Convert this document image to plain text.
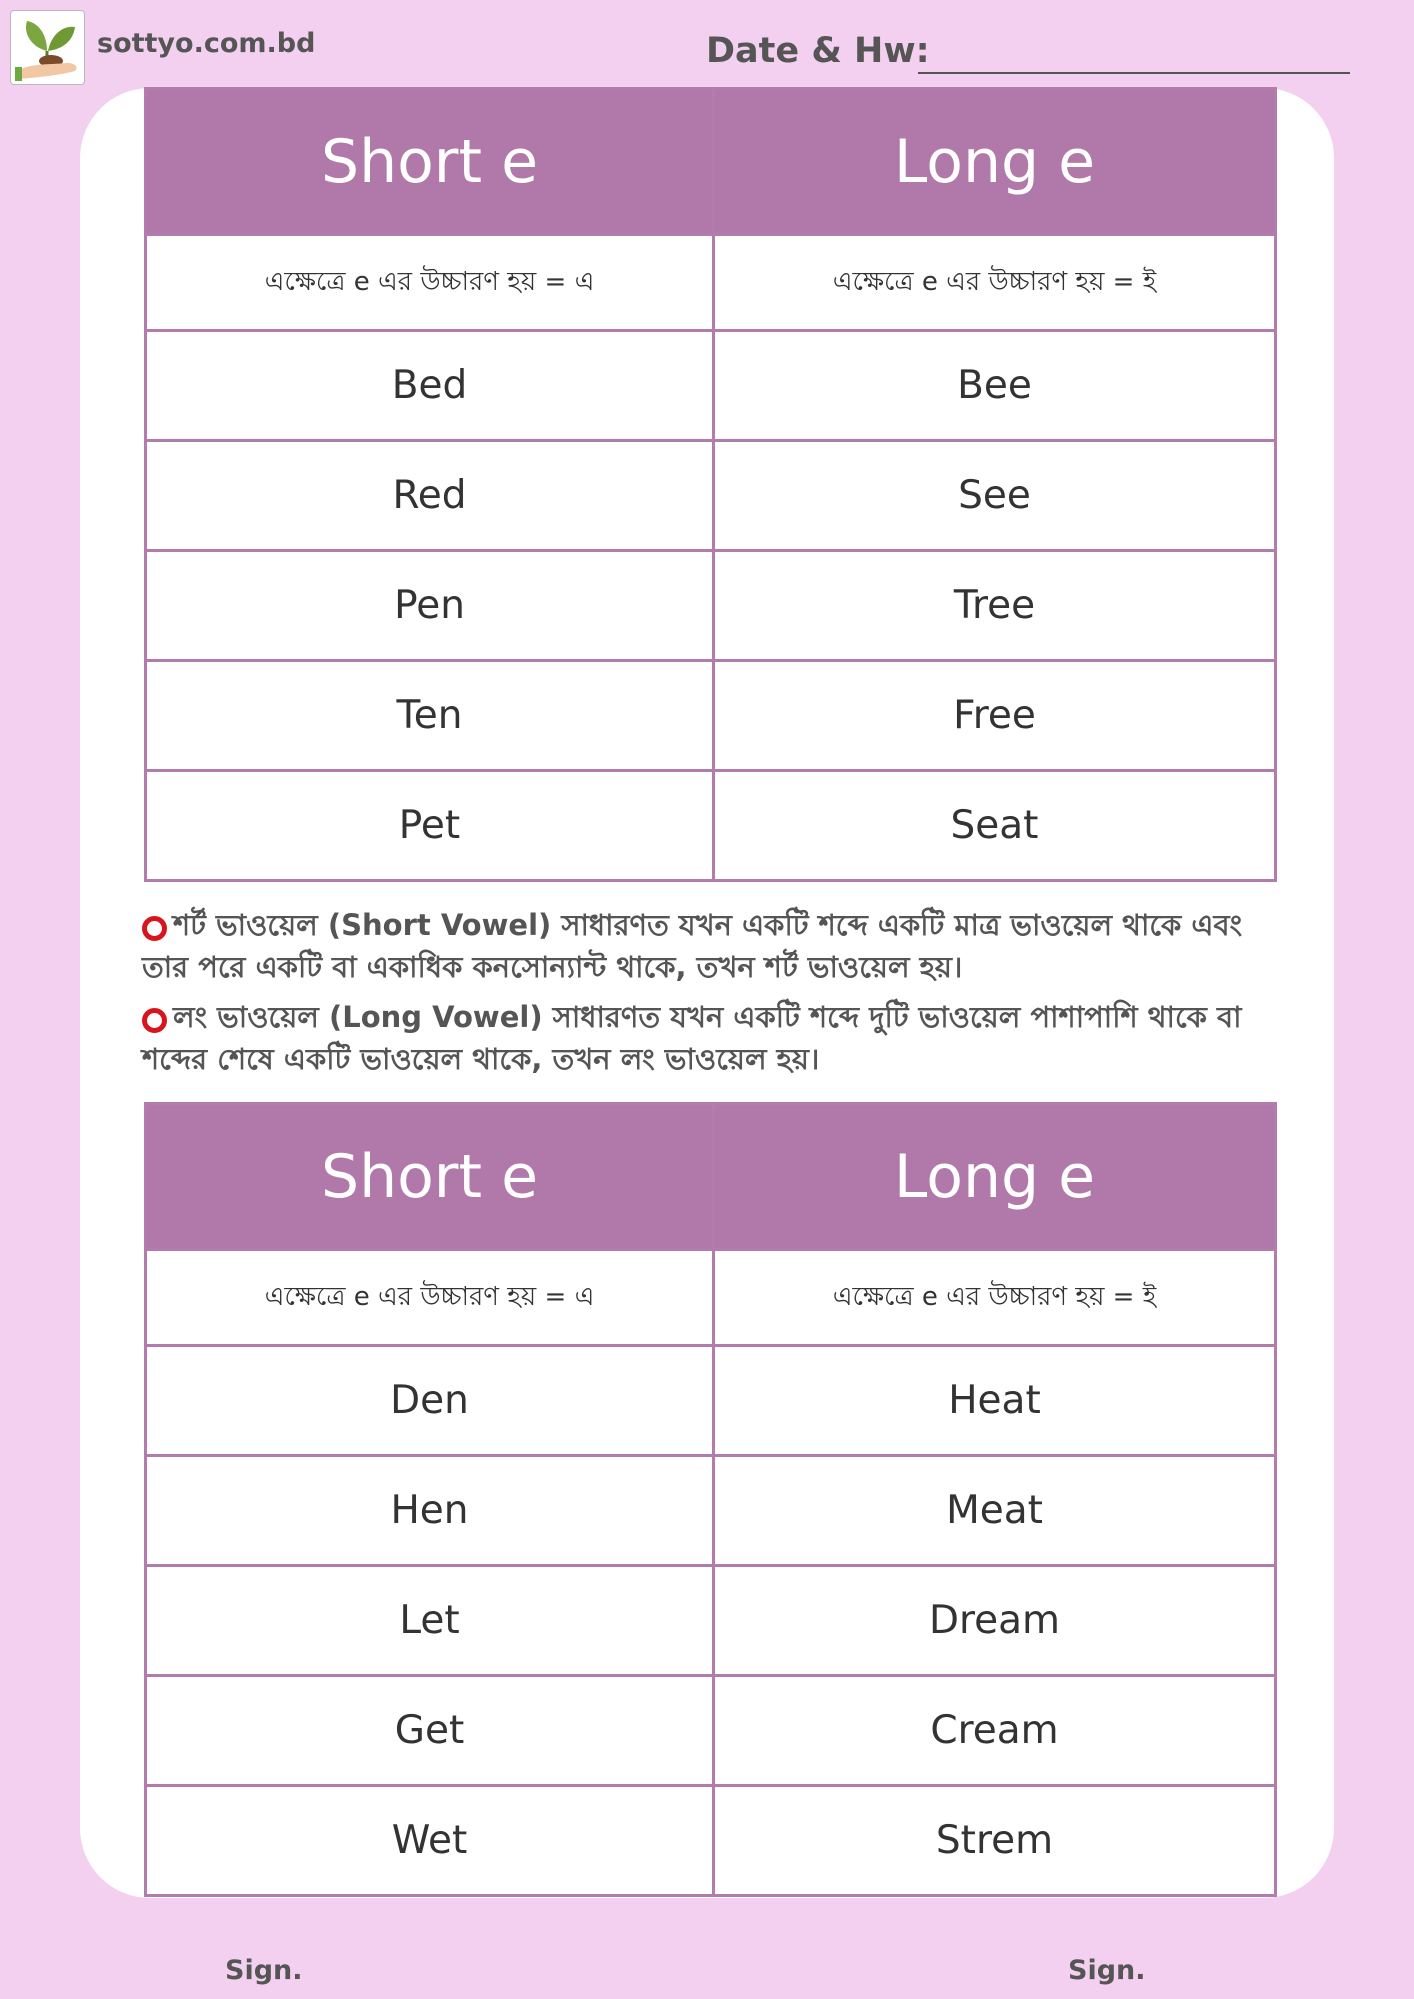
sottyo.com.bd	Date & Hw:
Short e	Long e
এক্ষেত্রে e এর উচ্চারণ হয় = এ	এক্ষেত্রে e এর উচ্চারণ হয় = ই
Bed	Bee
Red	See
Pen	Tree
Ten	Free
Pet	Seat
শর্ট ভাওয়েল (Short Vowel) সাধারণত যখন একটি শব্দে একটি মাত্র ভাওয়েল থাকে এবং তার পরে একটি বা একাধিক কনসোন্যান্ট থাকে, তখন শর্ট ভাওয়েল হয়।
লং ভাওয়েল (Long Vowel) সাধারণত যখন একটি শব্দে দুটি ভাওয়েল পাশাপাশি থাকে বা শব্দের শেষে একটি ভাওয়েল থাকে, তখন লং ভাওয়েল হয়।
Short e	Long e
এক্ষেত্রে e এর উচ্চারণ হয় = এ	এক্ষেত্রে e এর উচ্চারণ হয় = ই
Den	Heat
Hen	Meat
Let	Dream
Get	Cream
Wet	Strem
Sign.	Sign.
